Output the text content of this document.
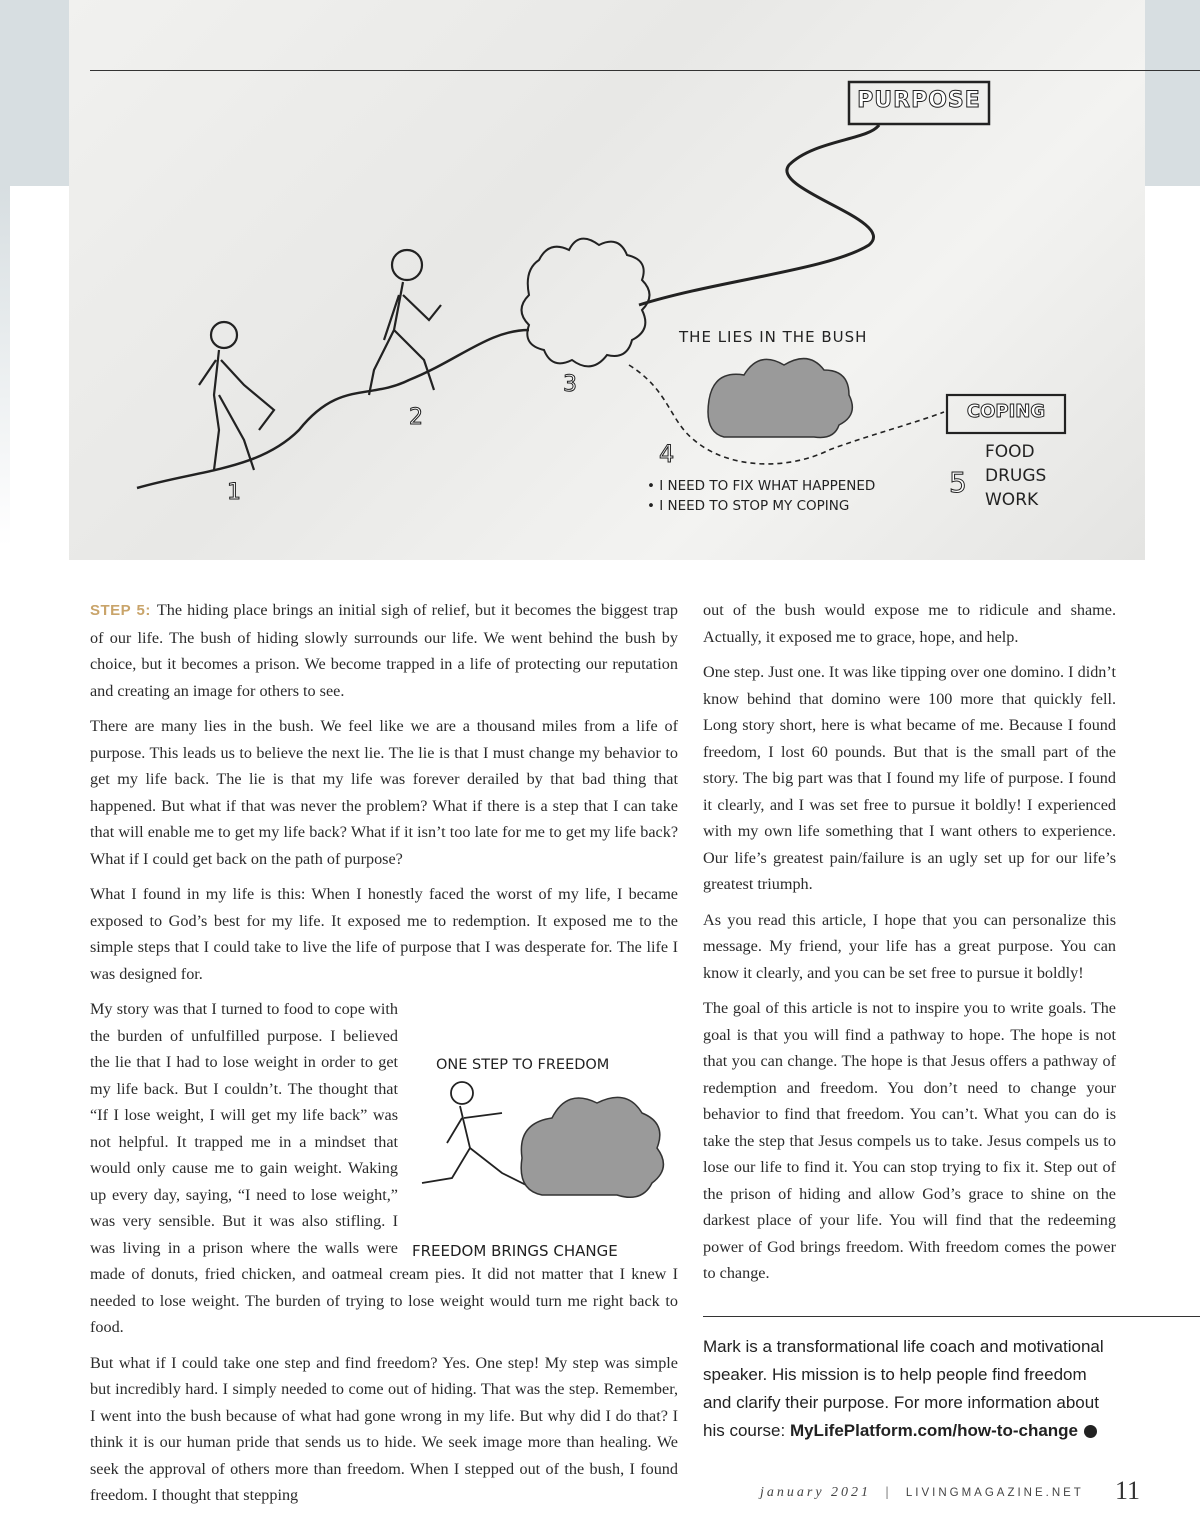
PURPOSE
THE LIES IN THE BUSH
COPING
FOOD
DRUGS
WORK
1
2
3
4
5
• I NEED TO FIX WHAT HAPPENED
• I NEED TO STOP MY COPING

STEP 5: The hiding place brings an initial sigh of relief, but it becomes the biggest trap of our life. The bush of hiding slowly surrounds our life. We went behind the bush by choice, but it becomes a prison. We become trapped in a life of protecting our reputation and creating an image for others to see.

There are many lies in the bush. We feel like we are a thousand miles from a life of purpose. This leads us to believe the next lie. The lie is that I must change my behavior to get my life back. The lie is that my life was forever derailed by that bad thing that happened. But what if that was never the problem? What if there is a step that I can take that will enable me to get my life back? What if it isn’t too late for me to get my life back? What if I could get back on the path of purpose?

What I found in my life is this: When I honestly faced the worst of my life, I became exposed to God’s best for my life. It exposed me to redemption. It exposed me to the simple steps that I could take to live the life of purpose that I was desperate for. The life I was designed for.

ONE STEP TO FREEDOM
FREEDOM BRINGS CHANGE

My story was that I turned to food to cope with the burden of unfulfilled purpose. I believed the lie that I had to lose weight in order to get my life back. But I couldn’t. The thought that “If I lose weight, I will get my life back” was not helpful. It trapped me in a mindset that would only cause me to gain weight. Waking up every day, saying, “I need to lose weight,” was very sensible. But it was also stifling. I was living in a prison where the walls were made of donuts, fried chicken, and oatmeal cream pies. It did not matter that I knew I needed to lose weight. The burden of trying to lose weight would turn me right back to food.

But what if I could take one step and find freedom? Yes. One step! My step was simple but incredibly hard. I simply needed to come out of hiding. That was the step. Remember, I went into the bush because of what had gone wrong in my life. But why did I do that? I think it is our human pride that sends us to hide. We seek image more than healing. We seek the approval of others more than freedom. When I stepped out of the bush, I found freedom. I thought that stepping

out of the bush would expose me to ridicule and shame. Actually, it exposed me to grace, hope, and help.

One step. Just one. It was like tipping over one domino. I didn’t know behind that domino were 100 more that quickly fell. Long story short, here is what became of me. Because I found freedom, I lost 60 pounds. But that is the small part of the story. The big part was that I found my life of purpose. I found it clearly, and I was set free to pursue it boldly! I experienced with my own life something that I want others to experience. Our life’s greatest pain/failure is an ugly set up for our life’s greatest triumph.

As you read this article, I hope that you can personalize this message. My friend, your life has a great purpose. You can know it clearly, and you can be set free to pursue it boldly!

The goal of this article is not to inspire you to write goals. The goal is that you will find a pathway to hope. The hope is not that you can change. The hope is that Jesus offers a pathway of redemption and freedom. You don’t need to change your behavior to find that freedom. You can’t. What you can do is take the step that Jesus compels us to take. Jesus compels us to lose our life to find it. You can stop trying to fix it. Step out of the prison of hiding and allow God’s grace to shine on the darkest place of your life. You will find that the redeeming power of God brings freedom. With freedom comes the power to change.

Mark is a transformational life coach and motivational speaker. His mission is to help people find freedom and clarify their purpose. For more information about his course: MyLifePlatform.com/how-to-change
january 2021 | LIVINGMAGAZINE.NET 11
